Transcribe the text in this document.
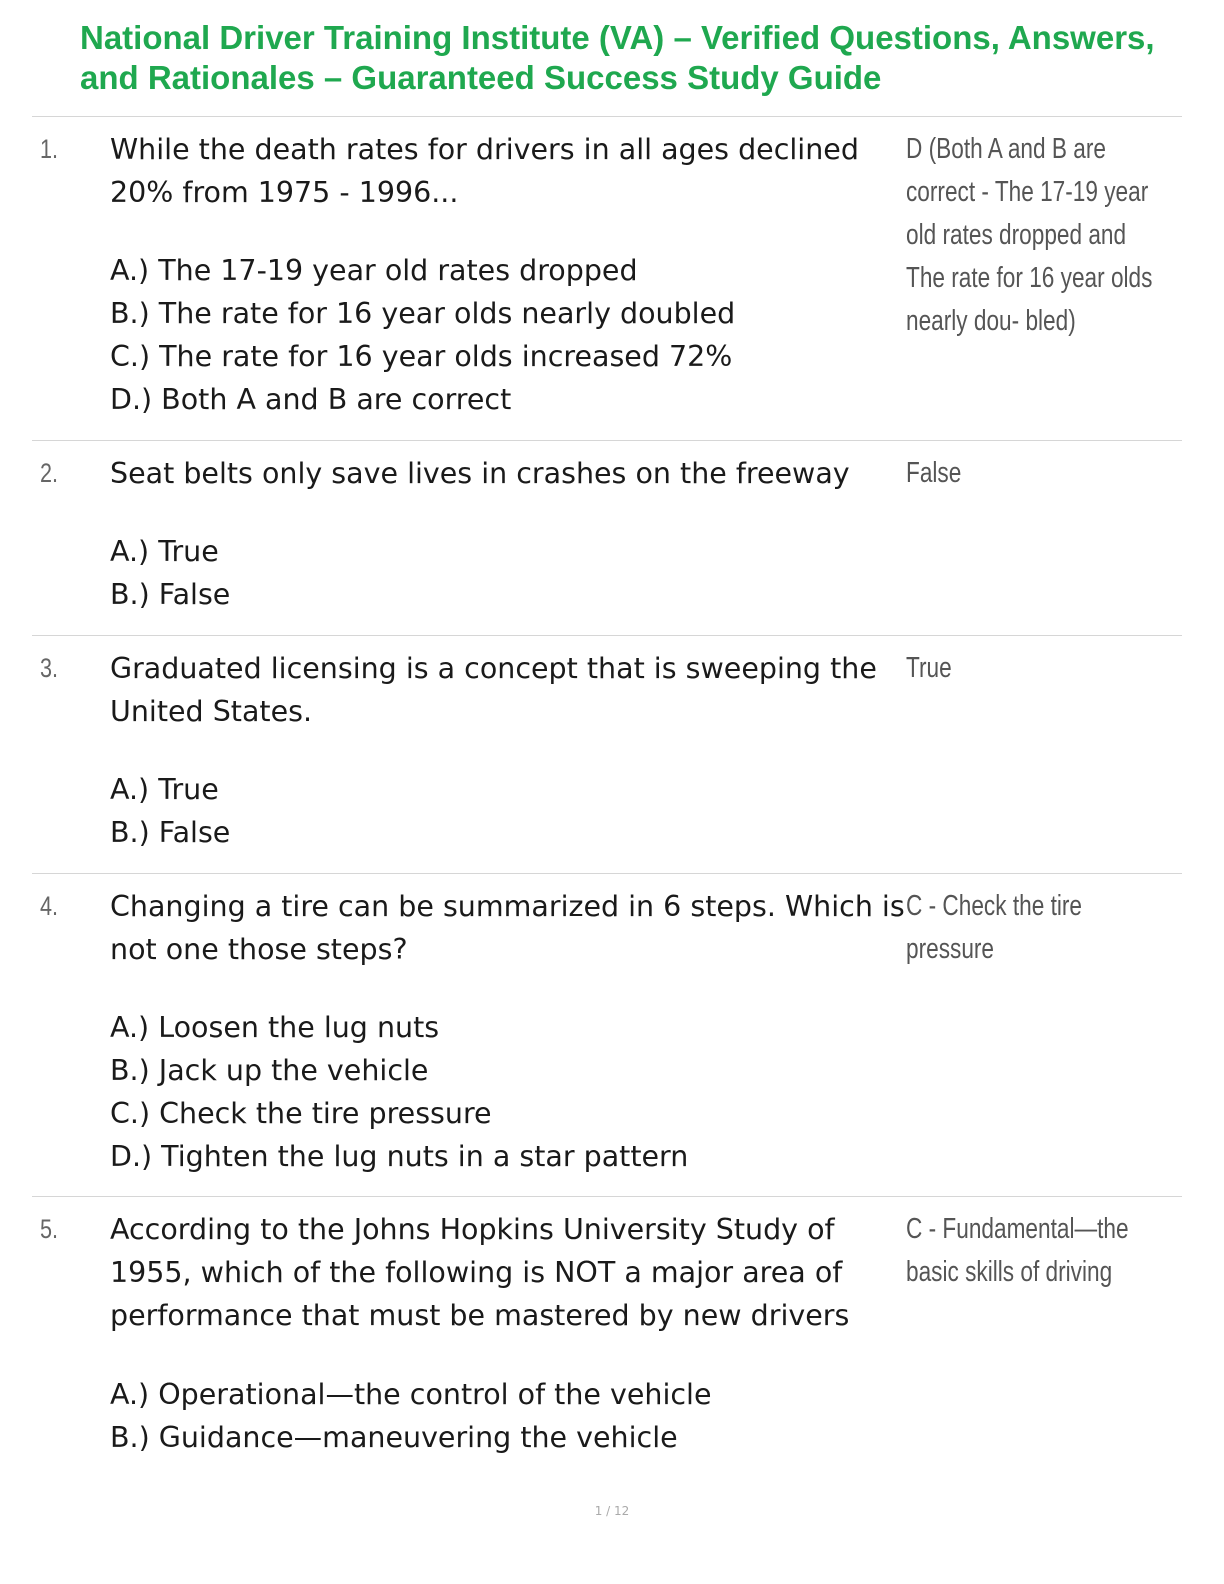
National Driver Training Institute (VA) – Verified Questions, Answers, and Rationales – Guaranteed Success Study Guide
1. While the death rates for drivers in all ages declined 20% from 1975 - 1996...

A.) The 17-19 year old rates dropped
B.) The rate for 16 year olds nearly doubled
C.) The rate for 16 year olds increased 72%
D.) Both A and B are correct

D (Both A and B are correct - The 17-19 year old rates dropped and The rate for 16 year olds nearly dou- bled)

2. Seat belts only save lives in crashes on the freeway

A.) True
B.) False

False

3. Graduated licensing is a concept that is sweeping the United States.

A.) True
B.) False

True

4. Changing a tire can be summarized in 6 steps. Which is not one those steps?

A.) Loosen the lug nuts
B.) Jack up the vehicle
C.) Check the tire pressure
D.) Tighten the lug nuts in a star pattern

C - Check the tire pressure

5. According to the Johns Hopkins University Study of 1955, which of the following is NOT a major area of performance that must be mastered by new drivers

A.) Operational—the control of the vehicle
B.) Guidance—maneuvering the vehicle

C - Fundamental—the basic skills of driving

1 / 12
